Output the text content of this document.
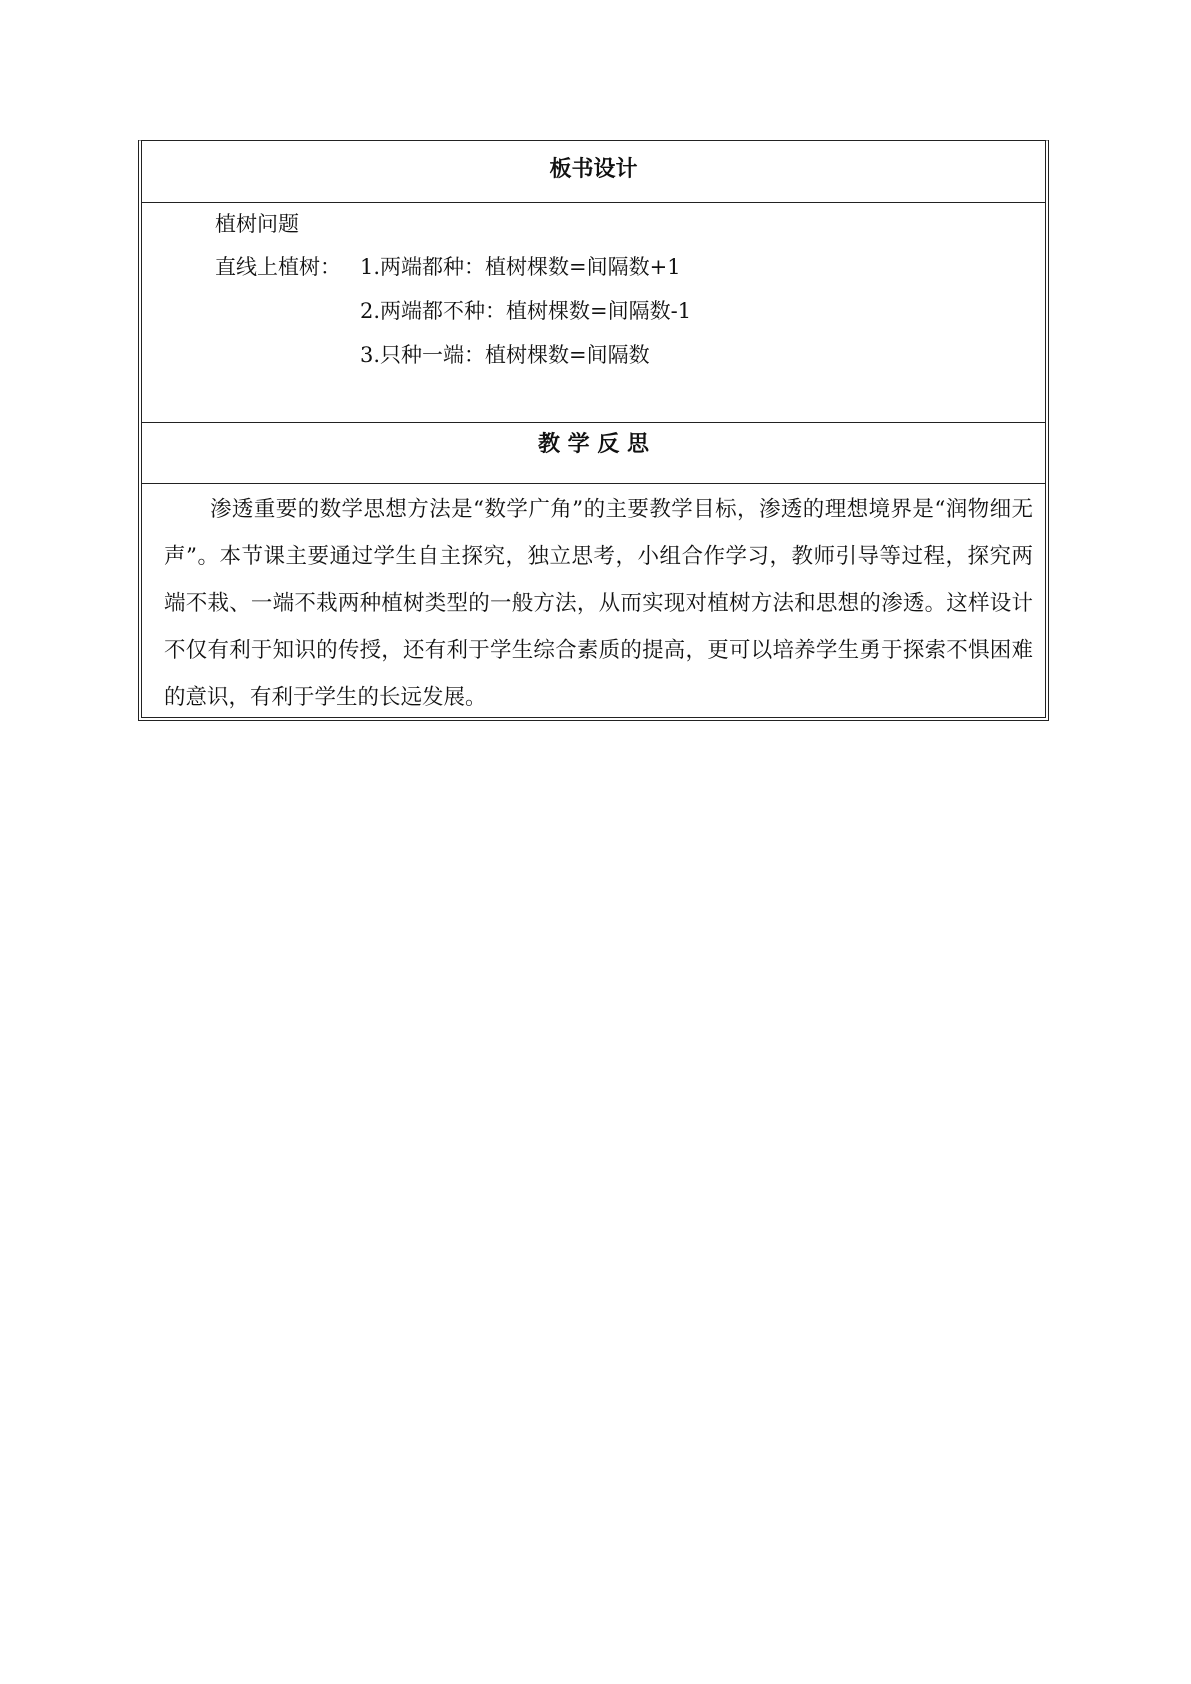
板书设计
植树问题
直线上植树： 1.两端都种：植树棵数=间隔数+1
2.两端都不种：植树棵数=间隔数-1
3.只种一端：植树棵数=间隔数
教 学 反 思
渗透重要的数学思想方法是“数学广角”的主要教学目标，渗透的理想境界是“润物细无声”。本节课主要通过学生自主探究，独立思考，小组合作学习，教师引导等过程，探究两端不栽、一端不栽两种植树类型的一般方法，从而实现对植树方法和思想的渗透。这样设计不仅有利于知识的传授，还有利于学生综合素质的提高，更可以培养学生勇于探索不惧困难的意识，有利于学生的长远发展。
